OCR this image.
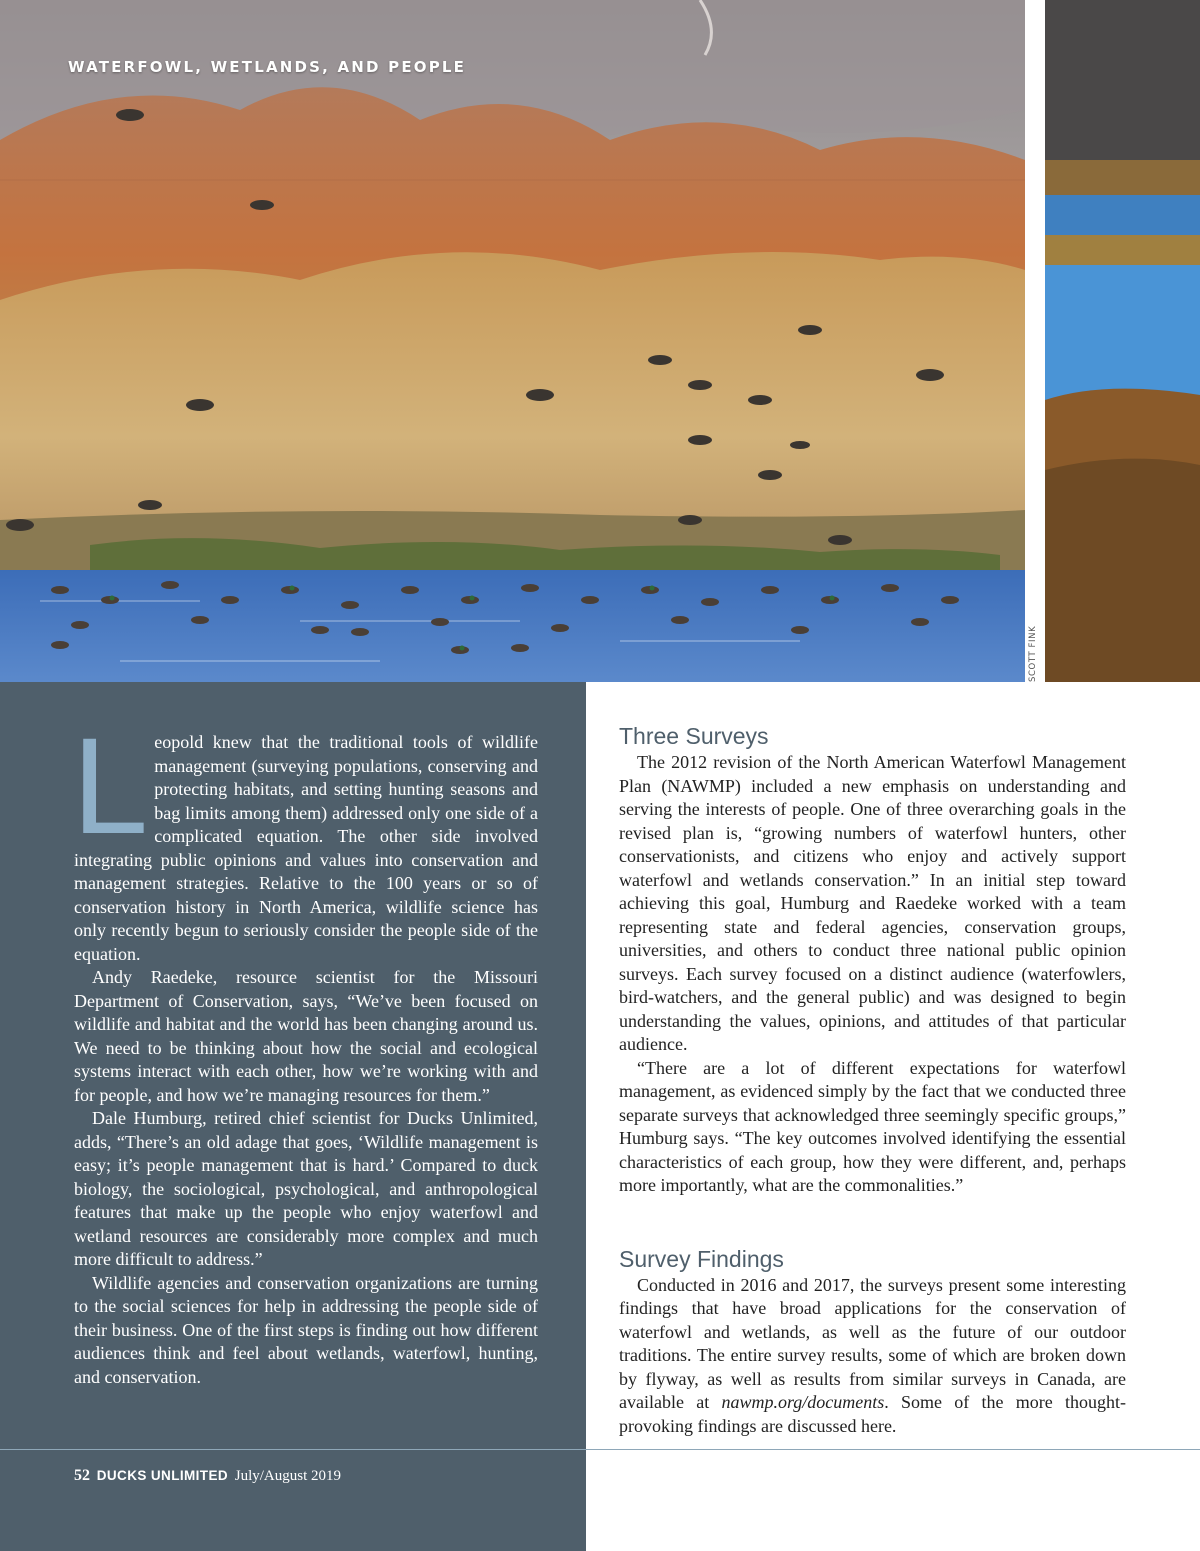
WATERFOWL, WETLANDS, AND PEOPLE
SCOTT FINK

Leopold knew that the traditional tools of wildlife management (surveying populations, conserving and protecting habitats, and setting hunting seasons and bag limits among them) addressed only one side of a complicated equation. The other side involved integrating public opinions and values into conservation and management strategies. Relative to the 100 years or so of conservation history in North America, wildlife science has only recently begun to seriously consider the people side of the equation.

Andy Raedeke, resource scientist for the Missouri Department of Conservation, says, “We’ve been focused on wildlife and habitat and the world has been changing around us. We need to be thinking about how the social and ecological systems interact with each other, how we’re working with and for people, and how we’re managing resources for them.”

Dale Humburg, retired chief scientist for Ducks Unlimited, adds, “There’s an old adage that goes, ‘Wildlife management is easy; it’s people management that is hard.’ Compared to duck biology, the sociological, psychological, and anthropological features that make up the people who enjoy waterfowl and wetland resources are considerably more complex and much more difficult to address.”

Wildlife agencies and conservation organizations are turning to the social sciences for help in addressing the people side of their business. One of the first steps is finding out how different audiences think and feel about wetlands, waterfowl, hunting, and conservation.

Three Surveys

The 2012 revision of the North American Waterfowl Management Plan (NAWMP) included a new emphasis on understanding and serving the interests of people. One of three overarching goals in the revised plan is, “growing numbers of waterfowl hunters, other conservationists, and citizens who enjoy and actively support waterfowl and wetlands conservation.” In an initial step toward achieving this goal, Humburg and Raedeke worked with a team representing state and federal agencies, conservation groups, universities, and others to conduct three national public opinion surveys. Each survey focused on a distinct audience (waterfowlers, bird-watchers, and the general public) and was designed to begin understanding the values, opinions, and attitudes of that particular audience.

“There are a lot of different expectations for waterfowl management, as evidenced simply by the fact that we conducted three separate surveys that acknowledged three seemingly specific groups,” Humburg says. “The key outcomes involved identifying the essential characteristics of each group, how they were different, and, perhaps more importantly, what are the commonalities.”

Survey Findings

Conducted in 2016 and 2017, the surveys present some interesting findings that have broad applications for the conservation of waterfowl and wetlands, as well as the future of our outdoor traditions. The entire survey results, some of which are broken down by flyway, as well as results from similar surveys in Canada, are available at nawmp.org/documents. Some of the more thought-provoking findings are discussed here.

52 DUCKS UNLIMITED July/August 2019
